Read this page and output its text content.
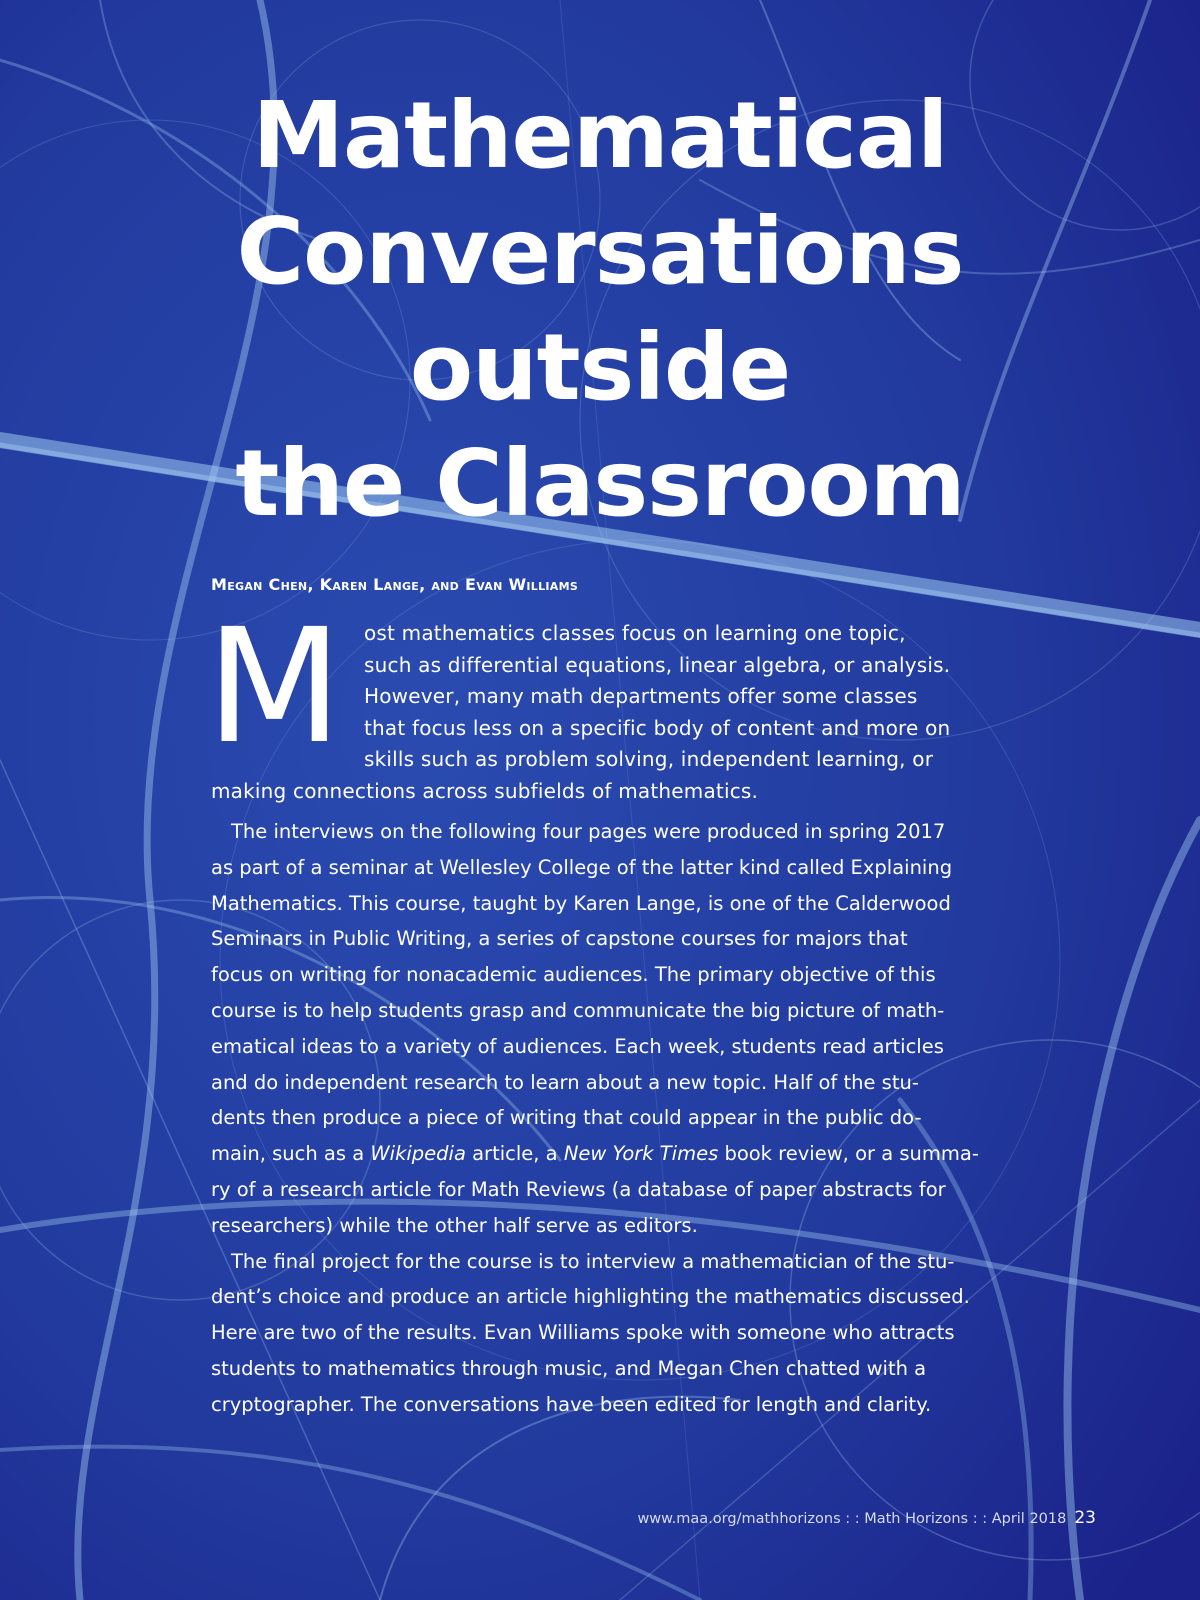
Mathematical
Conversations
outside
the Classroom
Megan Chen, Karen Lange, and Evan Williams
M	ost mathematics classes focus on learning one topic,
such as differential equations, linear algebra, or analysis.
However, many math departments offer some classes
that focus less on a specific body of content and more on
skills such as problem solving, independent learning, or
making connections across subfields of mathematics.
The interviews on the following four pages were produced in spring 2017
as part of a seminar at Wellesley College of the latter kind called Explaining
Mathematics. This course, taught by Karen Lange, is one of the Calderwood
Seminars in Public Writing, a series of capstone courses for majors that
focus on writing for nonacademic audiences. The primary objective of this
course is to help students grasp and communicate the big picture of math-
ematical ideas to a variety of audiences. Each week, students read articles
and do independent research to learn about a new topic. Half of the stu-
dents then produce a piece of writing that could appear in the public do-
main, such as a Wikipedia article, a New York Times book review, or a summa-
ry of a research article for Math Reviews (a database of paper abstracts for
researchers) while the other half serve as editors.
The final project for the course is to interview a mathematician of the stu-
dent’s choice and produce an article highlighting the mathematics discussed.
Here are two of the results. Evan Williams spoke with someone who attracts
students to mathematics through music, and Megan Chen chatted with a
cryptographer. The conversations have been edited for length and clarity.
www.maa.org/mathhorizons : : Math Horizons : : April 2018 23
